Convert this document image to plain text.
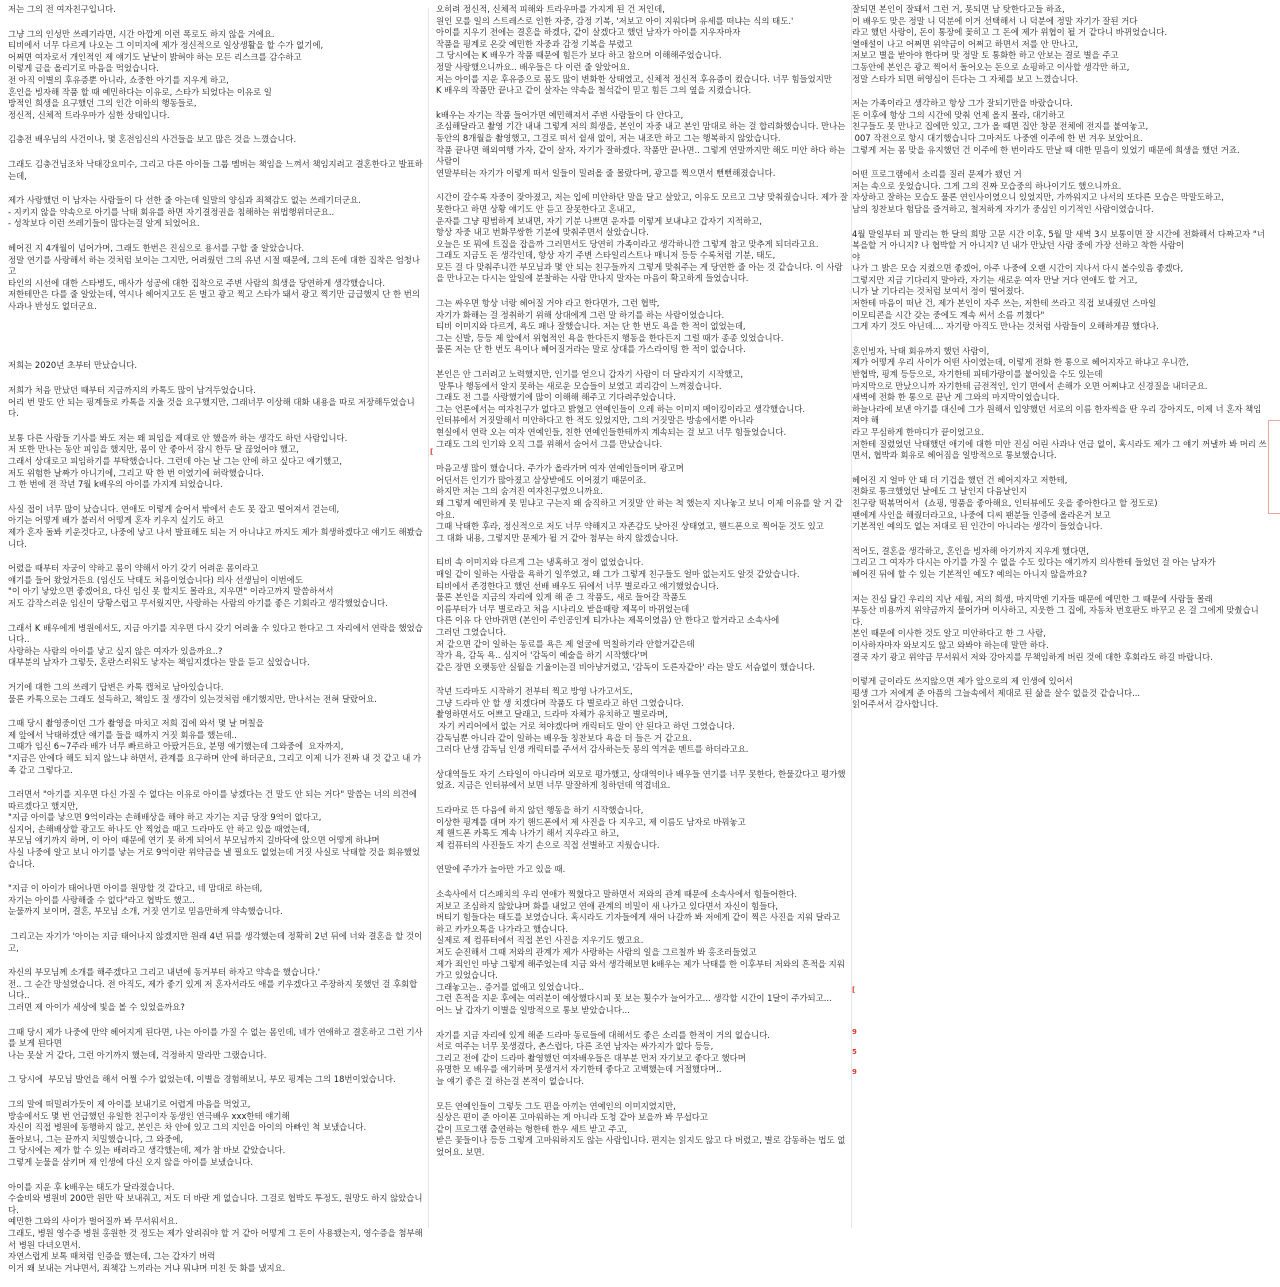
저는 그의 전 여자친구입니다.

그냥 그의 인성만 쓰레기라면, 시간 아깝게 이런 폭로도 하지 않을 거에요.
티비에서 너무 다르게 나오는 그 이미지에 제가 정신적으로 일상생활을 할 수가 없기에,
어쩌면 여자로서 개인적인 제 얘기도 낱낱이 밝혀야 하는 모든 리스크를 감수하고
이렇게 글을 올리기로 마음을 먹었습니다.
전 아직 이별의 후유증뿐 아니라, 쇼중한 아기를 지우게 하고,
혼인을 빙자해 작품 할 때 예민하다는 이유로, 스타가 되었다는 이유로 일
방적인 희생을 요구했던 그의 인간 이하의 행동들로,
정신적, 신체적 트라우마가 심한 상태입니다.

김충전 배우님의 사건이나, 몇 혼전임신의 사건들을 보고 많은 것을 느꼈습니다.

그래도 김충건님조차 낙태강요미수, 그리고 다른 아이들 그룹 멤버는 책임을 느껴서 책임지려고 결혼한다고 발표하는데,

제가 사랑했던 이 남자는 사람들이 다 선한 줄 아는데 일말의 양심과 죄책감도 없는 쓰레기더군요.
- 지키지 않을 약속으로 아기를 낙태 회유를 하면 자기결정권을 침해하는 위법행위더군요..
- 성착보다 이런 쓰레기들이 많다는걸 알게 되었어요.

헤어진 지 4개월이 넘어가며, 그래도 한번은 진심으로 용서를 구할 줄 알았습니다.
정말 연기를 사랑해서 하는 것처럼 보이는 그지만, 어려웠던 그의 유년 시절 때문에, 그의 돈에 대한 집착은 엄청나고
타인의 시선에 대한 스타병도, 매사가 성공에 대한 집착으로 주변 사람의 희생을 당연하게 생각했습니다.
저한테만은 다를 줄 알았는데, 역시나 헤어지고도 돈 벌고 광고 찍고 스타가 돼서 광고 찍기만 급급했지 단 한 번의 사과나 반성도 없더군요.

저희는 2020년 초부터 만났습니다.

저희가 처음 만났던 때부터 지금까지의 카톡도 많이 남겨두었습니다.
어리 번 말도 안 되는 핑계들로 카톡을 지울 것을 요구했지만, 그래너무 이상해 대화 내용을 따로 저장해두었습니다.

보통 다른 사람들 기사를 봐도 저는 왜 피임을 제대로 안 했을까 하는 생각도 하던 사람입니다.
저 또한 만나는 동안 피임을 했지만, 몸이 안 좋아서 잠시 한두 달 끊었어야 했고,
그래서 상대로고 피임하기를 부탁했습니다. 그런데 아는 날 그는 안에 하고 싶다고 얘기했고,
저도 위험한 날짜가 아니기에, 그리고 딱 한 번 이였기에 허락했습니다.
그 한 번에 전 작년 7월 k배우의 아이를 가지게 되었습니다.

사실 접이 너무 많이 났습니다. 연애도 이렇게 숨어서 밖에서 손도 못 잡고 떨어져서 걷는데,
아기는 어떻게 배가 불러서 어떻게 혼자 키우지 싶기도 하고
제가 혼자 돌봐 키운것다고, 나중에 낳고 나서 발표해도 되는 거 아니냐고 까지도 제가 희생하겠다고 얘기도 해봤습니다.

어렸을 때부터 자궁이 약하고 몸이 약해서 아기 갖기 어려운 몸이라고
얘기를 들어 왔었거든요 (임신도 낙태도 처음이었습니다) 의사 선생님이 이번에도
"이 아기 낳았으면 좋겠어요, 다신 임신 못 할지도 몰라요, 지우면" 이라고까지 말씀하셔서
저도 감작스러운 임신이 당황스럽고 무서웠지만, 사랑하는 사람의 아기를 좋은 기회라고 생각했었습니다.

그래서 K 배우에게 병원에서도, 지금 아기를 지우면 다시 갖기 어려울 수 있다고 한다고 그 자리에서 연락을 했었습니다..
사랑하는 사람의 아이를 낳고 싶지 않은 여자가 있을까요..?
대부분의 남자가 그렇듯, 혼란스러워도 낳자는 책임지겠다는 말을 듣고 싶었습니다.

거기에 대한 그의 쓰레기 답변은 카톡 캡처로 남아있습니다.
물론 카톡으로는 그래도 설득하고, 책임도 질 생각이 있는것처럼 얘기했지만, 만나서는 전혀 달랐어요.

그때 당시 촬영중이던 그가 촬영을 마치고 저희 집에 와서 몇 날 며칠을
제 앞에서 낙태하겠단 얘기를 들을 때까지 거짓 회유를 했는데..
그때가 임신 6~7주라 배가 너무 빠르하고 아팠거든요, 분명 얘기했는데 그와중에  요자까지,
"지금은 안에다 해도 되지 않느냐 하면서, 관계를 요구하며 안에 하더군요, 그리고 이제 니가 진짜 내 것 같고 내 가족 같고 그렇다고.

그러면서 "아기를 지우면 다신 가질 수 없다는 이유로 아이를 낳겠다는 건 말도 안 되는 거다" 말씀는 너의 의견에 따르겠다고 했지만,
"지금 아이를 낳으면 9억이라는 손해배상을 해야 하고 자기는 지금 당장 9억이 없다고,
심지어, 손해배상할 광고도 하나도 안 찍었을 때고 드라마도 안 하고 있을 때였는데,
부모님 얘기까지 하며, 이 아이 때문에 연기 못 하게 되어서 부모님까지 길바닥에 앉으면 어떻게 하냐며
사실 나중에 알고 보니 아기를 낳는 거로 9억이란 위약금을 낼 필요도 없었는데 거짓 사실로 낙태할 것을 회유했었습니다.

"지금 이 아이가 태어나면 아이를 원망할 것 같다고, 네 맘대로 하는데,
자기는 아이를 사랑해줄 수 없다"라고 협박도 했고..
눈물까지 보이며, 결혼, 부모님 소개, 거짓 연기로 믿음만하게 약속했습니다.

그리고는 자기가 '아이는 지금 태어나지 않겠지만 원래 4년 뒤를 생각했는데 정확히 2년 뒤에 너와 결혼을 할 것이고,

자신의 부모님께 소개를 해주겠다고 그리고 내년에 동거부터 하자고 약속을 했습니다.'
전.. 그 순간 망설였습니다. 전 아직도, 제가 좋기 있게 저 혼자서라도 애를 키우겠다고 주장하지 못했던 걸 후회합니다..
그러면 제 아이가 세상에 빛을 볼 수 있었을까요?

그때 당시 제가 나중에 만약 헤어지게 된다면, 나는 아이를 가질 수 없는 몸인데, 네가 연애하고 결혼하고 그런 기사를 보게 된다면
나는 못살 거 같다, 그런 아기까지 했는데, 걱정하지 말라만 그랬습니다.

그 당시에  부모님 발언을 해서 어쩔 수가 없었는데, 이별을 경험해보니, 부모 핑계는 그의 18번이었습니다.

그의 말에 떠밀려가듯이 제 아이를 보내기로 어렵게 마음을 먹었고,
방송에서도 몇 번 언급했던 유일한 친구이자 동생인 연극배우 xxx한테 얘기해
자신이 직접 병원에 동행하지 않고, 본인은 차 안에 있고 그의 지인을 아이의 아빠인 척 보냈습니다.
돌아보니, 그는 끝까지 치밀했습니다, 그 와중에,
그 당시에는 제가 할 수 있는 배려라고 생각했는데, 제가 참 바보 같았습니다.
그렇게 눈물을 삼키며 제 인생에 다신 오지 않을 아이를 보냈습니다.

아이를 지운 후 k배우는 태도가 달라졌습니다.
수술비와 병원비 200만 원만 딱 보내줘고, 저도 더 바란 게 없습니다. 그걸로 협박도 투정도, 원망도 하지 않았습니다.
예민한 그와의 사이가 벌어질까 봐 무서워서요.
그래도, 병원 영수증 병원 홍원한 것 정도는 제가 알려줘야 할 거 같아 어떻게 그 돈이 사용됐는지, 영수증을 첨부해서 병원 다녀오면서.
자연스럽게 보톡 때쳐럼 인증을 했는데, 그는 갑자기 버럭
이거 왜 보내는 거냐면서, 죄책감 느끼라는 거냐 뭐냐며 미친 듯 화를 냈지요.

오히려 정신적, 신체적 피해와 트라우마를 가지게 된 건 저인데,
원인 모를 일의 스트레스로 인한 자중, 감정 기복, '저보고 아이 지워다며 유세를 떠냐는 식의 태도.'
아이를 지우기 전에는 결혼을 하겠다, 같이 살겠다고 했던 남자가 아이를 지우자마자
작품을 핑계로 온갖 예민한 자중과 감정 기복을 부렸고
그 당시에는 K 배우가 작품 때문에 힘든가 보다 하고 참으며 이해해주었습니다.
정말 사랑했으니까요.. 배우들은 다 이런 줄 알았어요.
저는 아이를 지운 후유증으로 몸도 많이 변화한 상태였고, 신체적 정신적 후유증이 컸습니다. 너무 힘들었지만
K 배우의 작품만 끝나고 같이 살자는 약속을 철석같이 믿고 힘든 그의 옆을 지켰습니다.

k배우는 자기는 작품 들어가면 예민해져서 주변 사람들이 다 안다고,
조심해달라고 촬영 기간 내내 그렇게 저의 희생을, 본인이 자중 내고 본인 맘대로 하는 걸 합리화했습니다. 만나는 동안의 8개월을 촬영했고, 그걸로 떠서 쉴새 없이, 저는 내조만 하고 그는 행복하지 않았습니다.
작품 끝나면 해외여행 가자, 같이 살자, 자기가 잘하겠다. 작품만 끝나면.. 그렇게 연말까지만 해도 미안 하다 하는 사람이
연말부터는 자기가 이렇게 떠서 일들이 밀려올 줄 몰랐다며, 광고를 찍으면서 뻔뻔해졌습니다.

시간이 갈수록 자중이 잦아졌고, 저는 입에 미안하단 말을 달고 살았고, 이유도 모르고 그냥 맞춰줬습니다. 제가 잘못한다고 하면 상황 얘기도 안 듣고 잘못한다고 혼내고,
운자를 그냥 평범하게 보내면, 자기 기분 나쁘면 운자를 이렇게 보내냐고 갑자기 지적하고,
항상 자중 내고 번화무쌍한 기분에 맞춰주면서 살았습니다.
오늘은 또 뭐에 트집을 잡을까 그러면서도 당연히 가족이라고 생각하니깐 그렇게 참고 맞추게 되더라고요.
그래도 지금도 돈 생각인데, 항상 자기 주변 스타일리스트나 매니저 등등 수록처럼 기분, 태도,
모든 걸 다 맞춰주니깐 부모님과 몇 안 되는 친구들까지 그렇게 맞춰주는 게 당연한 줄 아는 것 같습니다. 이 사람을 만나고는 다시는 앞일에 분찰하는 사람 만나지 말자는 마음이 확고하게 들었습니다.

그는 싸우면 항상 너랑 헤어질 거야 라고 한다면가, 그런 협박,
자기가 화해는 걸 정취하기 위해 상대에게 그런 말 하기를 하는 사람이었습니다.
티비 이미지와 다르게, 욕도 패나 잘했습니다. 저는 단 한 번도 욕을 한 적이 없었는데,
그는 신발, 등등 제 앞에서 위협적인 욕을 한다든지 행동을 한다든지 그럴 때가 종종 있었습니다.
물론 저는 단 한 번도 욕이나 헤어질거라는 말로 상대를 가스라이팅 한 적이 없습니다.

본인은 안 그러려고 노력했지만, 인기를 얻으니 갑자기 사람이 더 달라지기 시작했고,
말투나 행동에서 알지 못하는 새로운 모습들이 보였고 괴리감이 느껴졌습니다.
그래도 전 그를 사랑했기에 많이 이해해 해주고 기다려주었습니다.
그는 언론에서는 여자친구가 없다고 밝혔고 연예인들이 으레 하는 이미지 메이킹이라고 생각했습니다.
인터뷰에서 거짓말해서 미안하다고 한 적도 있었지만, 그의 거짓말은 방송에서뿐 아니라
현실에서 연락 오는 여자 연예인들, 친한 연예인들한테까지 계속되는 걸 보고 너무 힘들었습니다.
그래도 그의 인기와 오직 그를 위해서 숨어서 그를 만났습니다.

마음고생 많이 했습니다. 주가가 올라가며 여자 연예인들이며 광고며
어딘서든 인기가 많아졌고 삼상받에도 이어졌기 때문이죠.
하지만 저는 그의 숨겨진 여자친구였으니까요.
왜 그렇게 예민하게 못 믿냐고 구는지 왜 숨직하고 거짓말 안 하는 척 했는지 지나놓고 보니 이제 이유를 알 거 같아요.
그때 낙태한 후라, 정신적으로 저도 너무 약해지고 자존감도 낮아진 상태였고, 핸드폰으로 찍어둔 것도 있고
그 대화 내용, 그렇지만 문제가 될 거 같아 첨부는 하지 않겠습니다.

티비 속 이미지와 다르게 그는 냉혹하고 정이 없었습니다.
매일 같이 일하는 사람을 욕하기 일쑤였고, 왜 그가 그렇게 친구들도 얼마 없는지도 알것 같았습니다.
티비에서 존경한다고 했던 선배 배우도 뒤에서 너무 별로라고 얘기했었습니다.
물론 본인을 지금의 자리에 있게 해 준 그 작품도, 새로 들어갈 작품도
이름부터가 너무 별로라고 처음 시나리오 받을때랑 제목이 바뀌었는데
다른 이유 다 안바뀌면 (본인이 주인공인게 티가나는 제목이였음) 안 한다고 할거라고 소속사에
그러던 그였습니다.
저 같으면 같이 일하는 동료를 욕은 제 얼굴에 먹칠하기라 안할거같은데
작가 욕, 감독 욕.. 심지어 '감독이 예술을 하기 시작했다'며
같은 장면 오랫동안 실월을 기울이는걸 비아냥거렸고, '감독이 도른자같아' 라는 말도 서슴없이 했습니다.

작년 드라마도 시작하기 전부터 찍고 방영 나가고서도,
그냥 드라마 안 할 생 치겠다며 작품도 다 별로라고 하던 그였습니다.
촬영하면서도 어쁘고 달래고, 드라마 자체가 유치하고 별로라며,
자기 커리어에서 없는 거로 쳐야겠다며 캐릭터도 말이 안 된다고 하던 그였습니다.
감독님뿐 아니라 같이 일하는 배우들 칭찬보다 욕을 더 들은 거 같고요.
그러다 난생 감독님 인생 캐릭터를 주셔서 감사하는듯 몽의 역겨운 멘트를 하더라고요.

상대역들도 자기 스타일이 아니라며 외모로 평가했고, 상대역이나 배우들 연기를 너무 못한다, 한물갔다고 평가했었죠. 지금은 인터뷰에서 보면 너무 말잘하게 칭하던데 역겹네요.

드라마로 뜬 다음에 하지 않던 행동을 하기 시작했습니다,
이상한 핑계를 대며 자기 핸드폰에서 제 사진을 다 지우고, 제 이름도 남자로 바꿔놓고
제 핸드폰 카톡도 계속 나가기 해서 지우라고 하고,
제 컴퓨터의 사진들도 자기 손으로 직접 선별하고 지웠습니다.

연말에 주가가 높아만 가고 있을 때.

소속사에서 디스패치의 우리 연애가 찍혔다고 말하면서 저와의 관계 때문에 소속사에서 힘들어한다.
저보고 조심하지 않았냐며 화를 내었고 연애 관계의 비밀이 새 나가고 있다면서 자신이 힘들다,
버티기 힘들다는 태도를 보였습니다. 혹시라도 기자들에게 새어 나갈까 봐 저에게 같이 찍은 사진을 지워 달라고 하고 카카오톡을 나가라고 했습니다.
실제로 제 컴퓨터에서 직접 본인 사진을 지우기도 했고요.
저도 순진해서 그때 저와의 관계가 제가 사랑하는 사람의 일을 그르칠까 봐 홍조러들었고
제가 죄인인 마냥 그렇게 해주었는데 지금 와서 생각해보면 k배우는 제가 낙태를 한 이후부터 저와의 흔적을 지워가고 있었습니다.
그래놓고는.. 증거를 없애고 있었습니다..
그런 흔적을 지운 후에는 여러분이 예상했다시피 못 보는 횟수가 늘어가고... 생각할 시간이 1달이 주가되고...
어느 날 갑자기 이별을 일방적으로 통보 받았습니다...

자기를 지금 자리에 있게 해준 드라마 동료들에 대해서도 좋은 소리를 한적이 거의 없습니다.
서로 여주는 너무 못생겼다, 촌스럽다, 다른 조연 남자는 싸가지가 없다 등등,
그리고 전에 같이 드라마 촬영했던 여자배우들은 대부분 먼저 자기보고 좋다고 했다며
유명한 모 배우를 얘기하며 못생겨서 자기한테 좋다고 고백했는데 거절했다며..
늘 얘기 좋은 걸 하는걸 본적이 없습니다.

모든 연예인들이 그렇듯 그도 편을 아끼는 연예인의 이미지였지만,
실상은 편이 준 아이폰 고마워하는 게 아니라 도청 같아 보을까 봐 무섭다고
같이 프로그램 출연하는 형한테 한우 세트 받고 주고,
받은 꽃들이나 등등 그렇게 고마워하지도 않는 사람입니다. 편지는 읽지도 않고 다 버렸고, 별로 감동하는 법도 없었어요. 보면.

잘되면 본인이 잘돼서 그런 거, 못되면 남 탓한다고들 하죠,
이 배우도 맞은 정말 니 덕분에 이거 선택해서 니 덕분에 정말 자기가 잘된 거다
라고 했던 사랑이, 돈이 통장에 꽂히고 그 돈에 제가 위협이 될 거 같다니 바뀌었습니다.
열애설이 나고 어쩌면 위약금이 어쩌고 하면서 저를 안 만나고,
저보고 별을 받아야 한다며 맞 정말 토 통화한 하고 안보는 결로 별을 주고
그동안에 본인은 광고 찍어서 돌어오는 돈으로 쇼핑하고 이사할 생각만 하고,
정말 스타가 되면 허영심이 든다는 그 자체를 보고 느꼈습니다.

저는 가족이라고 생각하고 항상 그가 잘되기만을 바랐습니다.
돈 이후에 항상 그의 시간에 맞춰 언제 올지 몰라, 대기하고
친구들도 못 만나고 집에만 있고, 그가 올 때면 집안 창문 전체에 전지를 붙여놓고,
007 작전으로 항시 대기했습니다 그마저도 나중엔 이주에 한 번 겨우 보았어요.
그렇게 저는 몸 맞을 유지했던 건 이주에 한 번이라도 만날 때 대한 믿음이 있었기 때문에 희생을 했던 거죠.

어떤 프로그램에서 소리를 질러 문제가 됐던 거
저는 속으로 웃었습니다. 그게 그의 진짜 모습중의 하나이기도 했으니까요.
자상하고 잘하는 모습도 물론 연인사이였으니 있었지만, 가까워지고 나서의 또다른 모습은 막말도하고,
남의 칭찬보다 험담을 즐겨하고, 철저하게 자기가 중심인 이기적인 사람이였습니다.

4월 말일부터 피 말리는 한 달의 희망 고문 시간 이후, 5월 말 새벽 3시 보통이면 잘 시간에 전화해서 다짜고자 "너 복을할 거 아니지? 나 협박할 거 아니지? 넌 내가 만났던 사람 중에 가장 선하고 착한 사람이
야
나가 그 밝은 모습 지켰으면 좋겠어, 아주 나중에 오랜 시간이 지나서 다시 볼수있음 좋겠다,
그렇지만 지금 기다리지 말아라, 자기는 새로운 여자 만날 거다 연애도 할 거고,
니가 날 기다리는 것처럼 보여서 정이 떨어졌다.
저한테 마음이 떠난 건, 제가 본인이 자주 쓰는, 저한테 쓰라고 직접 보내줬던 스마일
이모티콘을 시간 갖는 중에도 계속 써서 소름 끼쳤다"
그게 자기 것도 아닌데.... 자기랑 아직도 만나는 것처럼 사람들이 오해하게끔 했다나.

혼인빙자, 낙태 회유까지 했던 사람이,
제가 어떻게 우리 사이가 어떤 사이였는데, 이렇게 전화 한 통으로 헤어지자고 하냐고 우니깐,
반협박, 핑계 등등으로, 자기한테 피테가랑이를 붙어있을 수도 있는데
마지막으로 만났으니까 자기한테 금전적인, 인기 면에서 손해가 오면 어쩌냐고 신경질을 내더군요.
새벽에 전화 한 통으로 끝난 게 그와의 마지막이었습니다.
하늘나라에 보낸 아기를 대신에 그가 원해서 입양했던 서로의 이름 한자씩을 딴 우리 강아지도, 이제 너 혼자 책임져야 해
라고 무심하게 한마디가 끝이었고요.
저한테 질렸었던 낙태했던 애기에 대한 미안 진심 어린 사과나 언급 없이, 혹시라도 제가 그 얘기 꺼낼까 봐 머리 쓰면서, 협박과 회유로 헤어짐을 일방적으로 통보했습니다.

헤어진 지 얼마 안 돼 더 기겁을 했던 건 헤어지자고 저한테,
전화로 통크했었던 날에도 그 날인지 다음날인지
친구랑 떡볶먹어서  (쇼핑, 명품을 좋아해요, 인터뷰에도 옷을 좋아한다고 할 정도로)
팬에게 사인을 해줬더라고요, 나중에 디씨 팬분들 인증에 올라온거 보고
기본적인 예의도 없는 저대로 된 인간이 아니라는 생각이 들었습니다.

적어도, 결혼을 생각하고, 혼인을 빙자해 아기까지 지우게 했다면,
그리고 그 여자가 다시는 아기를 가질 수 없을 수도 있다는 얘기까지 의사한테 들었던 걸 아는 남자가
헤어진 뒤에 할 수 있는 기본적인 예도? 예의는 아니지 않을까요?

저는 진심 닮긴 우리의 지난 세월, 저의 희생, 마지막엔 기자들 때문에 예민한 그 때문에 사람들 몰래
부동산 비용까지 위약금까지 물어가며 이사하고, 지웃한 그 집에, 자동차 번호판도 바꾸고 온 걸 그에게 맞췄습니다.
본인 때문에 이사한 것도 알고 미안하다고 한 그 사람,
이사하자마자 와보지도 않고 와봐야 하는데 말만 하다.
결국 자기 광고 위약금 무서워서 저와 강아지를 무책임하게 버린 것에 대한 후회라도 하길 바랍니다.

이렇게 글이라도 쓰지않으면 제가 앞으로의 제 인생에 있어서
평생 그가 저에게 준 아픔의 그늘속에서 제대로 된 삶을 살수 없을것 같습니다...
읽어주셔서 감사합니다.

[
[
9
5
9
